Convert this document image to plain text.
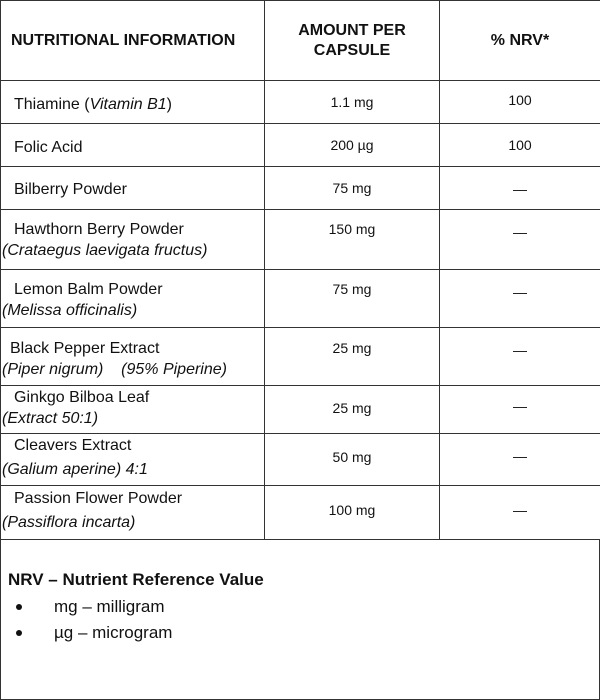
NUTRITIONAL INFORMATION	AMOUNT PER
CAPSULE	% NRV*

Thiamine (Vitamin B1)	1.1 mg	100

Folic Acid	200 µg	100

Bilberry Powder	75 mg	—

Hawthorn Berry Powder
(Crataegus laevigata fructus)	150 mg	—

Lemon Balm Powder
(Melissa officinalis)	75 mg	—

Black Pepper Extract
(Piper nigrum)    (95% Piperine)	25 mg	—

Ginkgo Bilboa Leaf
(Extract 50:1)	25 mg	—

Cleavers Extract
(Galium aperine) 4:1	50 mg	—

Passion Flower Powder
(Passiflora incarta)	100 mg	—
NRV – Nutrient Reference Value
mg – milligram
µg – microgram
